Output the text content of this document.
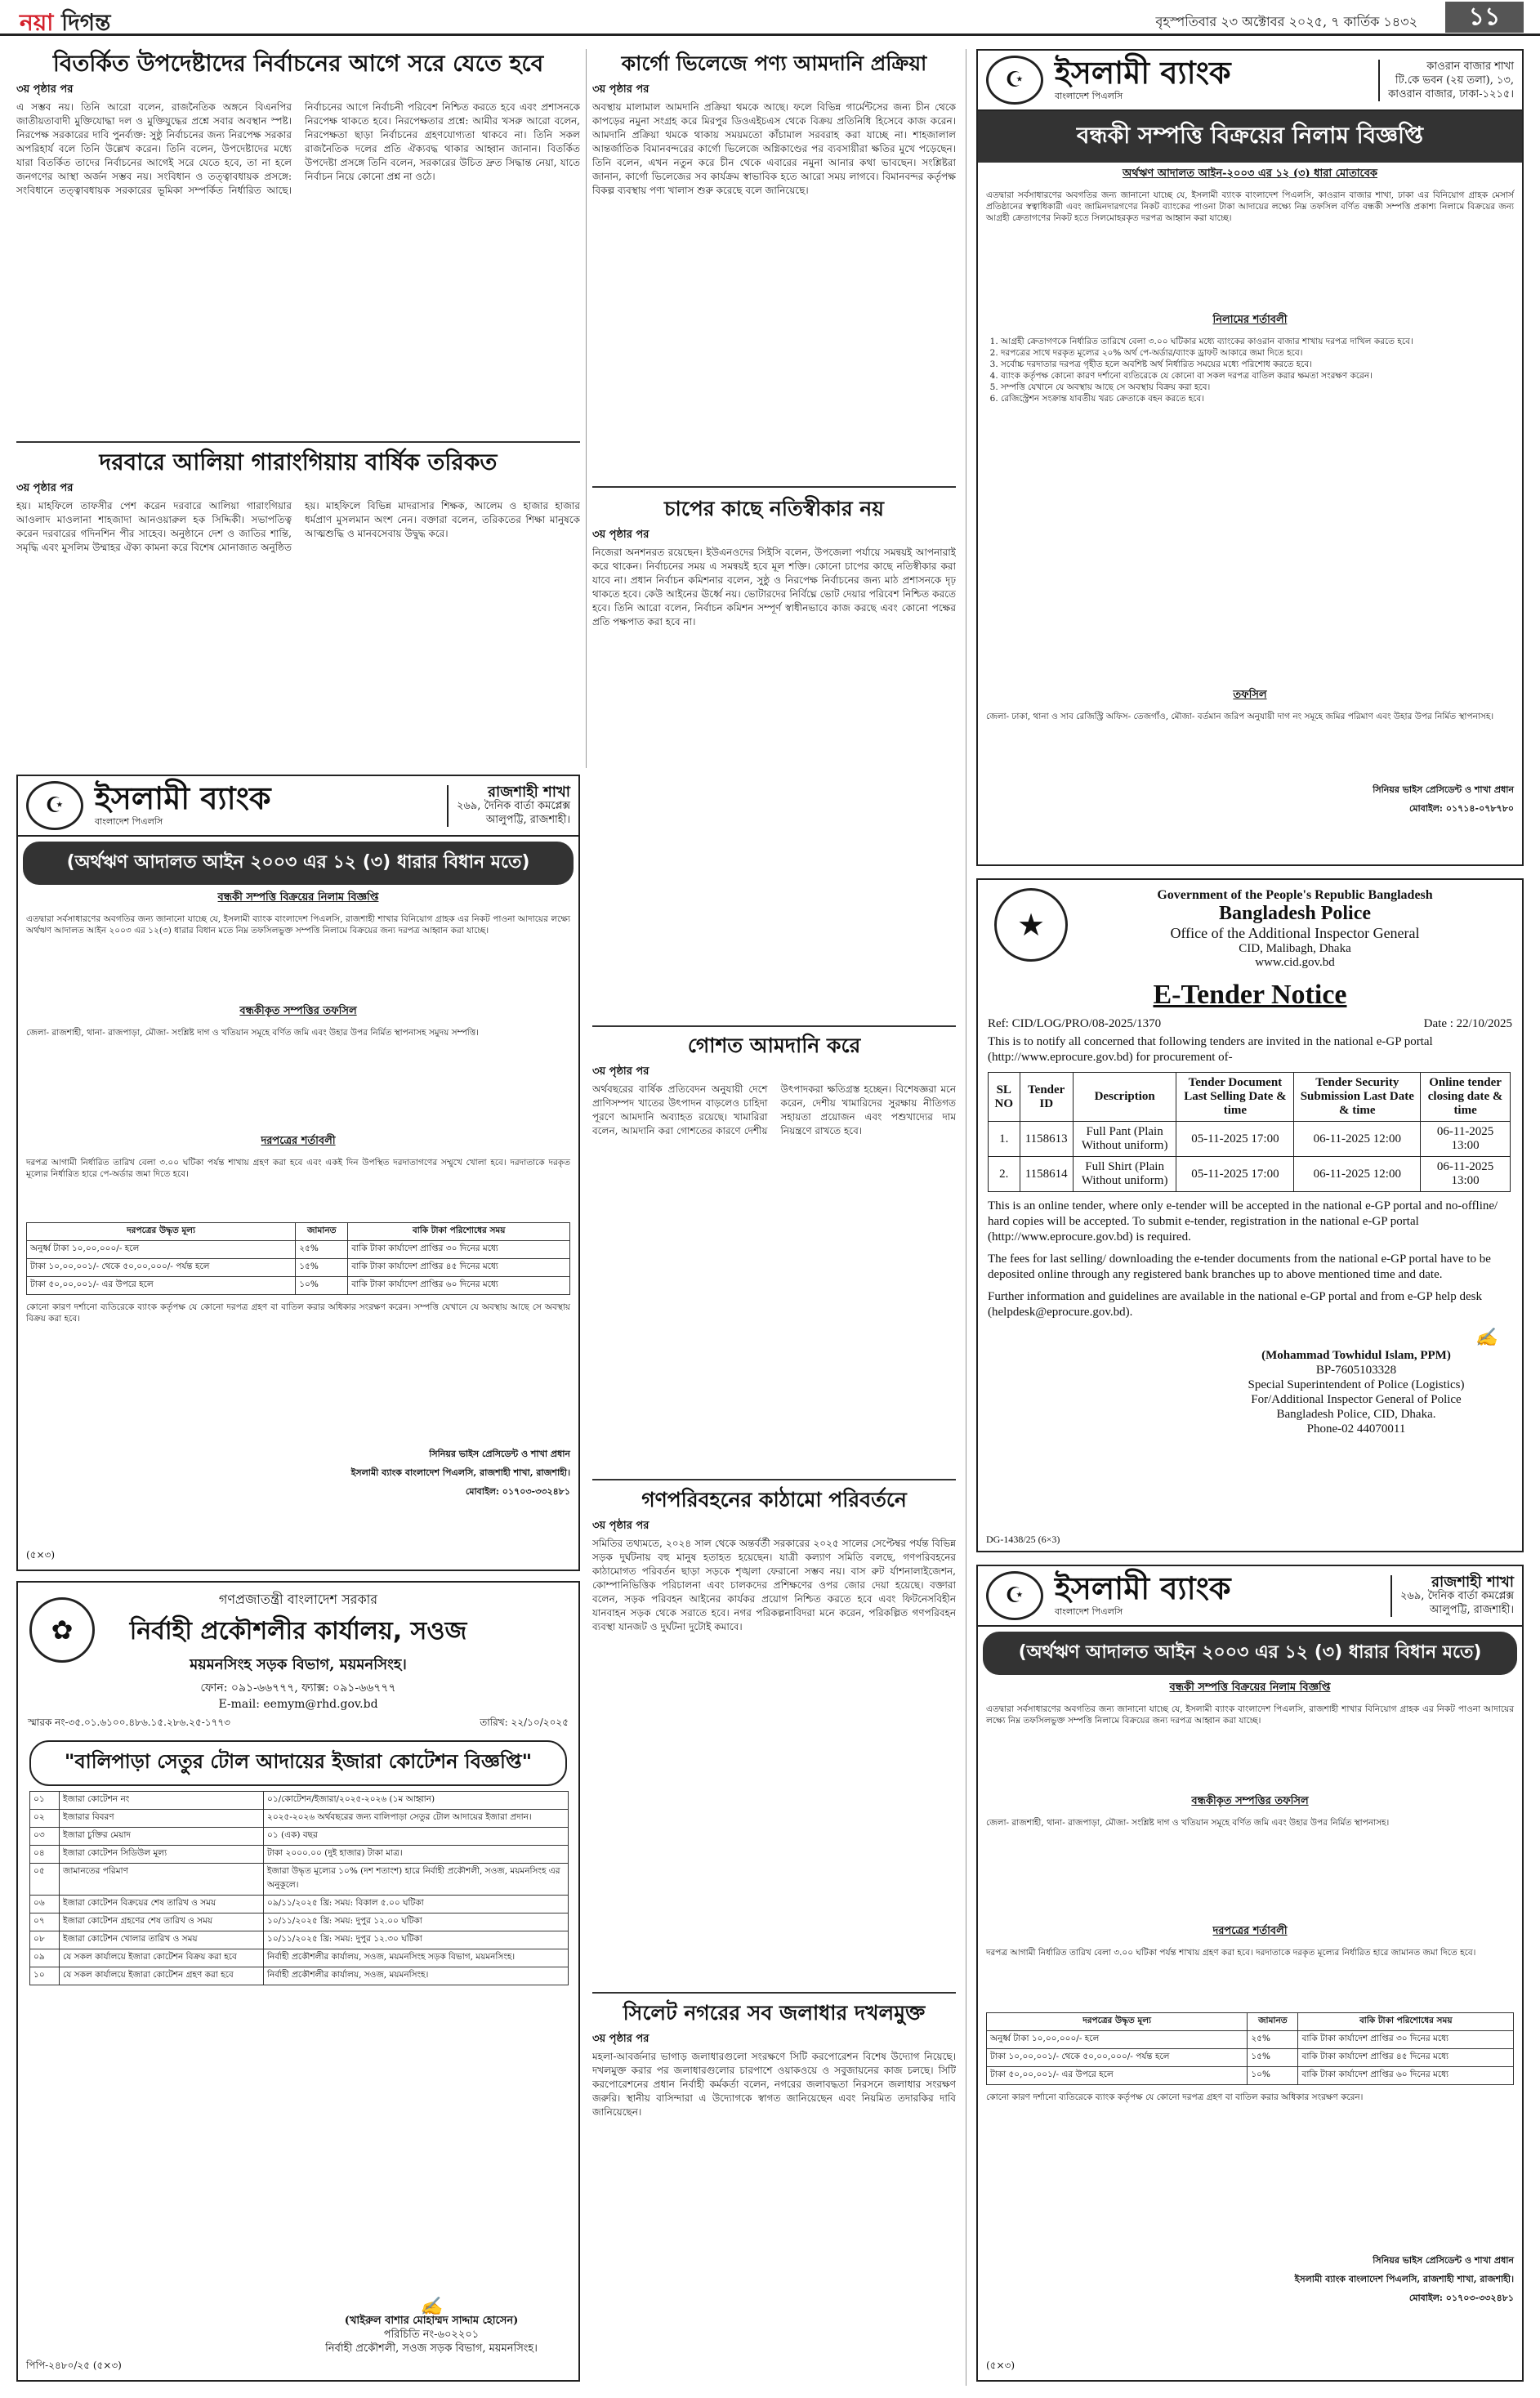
নয়া দিগন্ত	বৃহস্পতিবার ২৩ অক্টোবর ২০২৫, ৭ কার্তিক ১৪৩২	১১
বিতর্কিত উপদেষ্টাদের নির্বাচনের আগে সরে যেতে হবে
৩য় পৃষ্ঠার পর
এ সম্ভব নয়। তিনি আরো বলেন, রাজনৈতিক অঙ্গনে বিএনপির জাতীয়তাবাদী মুক্তিযোদ্ধা দল ও মুক্তিযুদ্ধের প্রশ্নে সবার অবস্থান স্পষ্ট। নিরপেক্ষ সরকারের দাবি পুনর্ব্যক্ত: সুষ্ঠু নির্বাচনের জন্য নিরপেক্ষ সরকার অপরিহার্য বলে তিনি উল্লেখ করেন। তিনি বলেন, উপদেষ্টাদের মধ্যে যারা বিতর্কিত তাদের নির্বাচনের আগেই সরে যেতে হবে, তা না হলে জনগণের আস্থা অর্জন সম্ভব নয়। সংবিধান ও তত্ত্বাবধায়ক প্রসঙ্গে: সংবিধানে তত্ত্বাবধায়ক সরকারের ভূমিকা সম্পর্কিত নির্ধারিত আছে। নির্বাচনের আগে নির্বাচনী পরিবেশ নিশ্চিত করতে হবে এবং প্রশাসনকে নিরপেক্ষ থাকতে হবে। নিরপেক্ষতার প্রশ্নে: আমীর খসরু আরো বলেন, নিরপেক্ষতা ছাড়া নির্বাচনের গ্রহণযোগ্যতা থাকবে না। তিনি সকল রাজনৈতিক দলের প্রতি ঐক্যবদ্ধ থাকার আহ্বান জানান। বিতর্কিত উপদেষ্টা প্রসঙ্গে তিনি বলেন, সরকারের উচিত দ্রুত সিদ্ধান্ত নেয়া, যাতে নির্বাচন নিয়ে কোনো প্রশ্ন না ওঠে।
কার্গো ভিলেজে পণ্য আমদানি প্রক্রিয়া
৩য় পৃষ্ঠার পর
অবস্থায় মালামাল আমদানি প্রক্রিয়া থমকে আছে। ফলে বিভিন্ন গার্মেন্টসের জন্য চীন থেকে কাপড়ের নমুনা সংগ্রহ করে মিরপুর ডিওএইচএস থেকে বিক্রয় প্রতিনিধি হিসেবে কাজ করেন। আমদানি প্রক্রিয়া থমকে থাকায় সময়মতো কাঁচামাল সরবরাহ করা যাচ্ছে না। শাহজালাল আন্তর্জাতিক বিমানবন্দরের কার্গো ভিলেজে অগ্নিকাণ্ডের পর ব্যবসায়ীরা ক্ষতির মুখে পড়েছেন। তিনি বলেন, এখন নতুন করে চীন থেকে এবারের নমুনা আনার কথা ভাবছেন। সংশ্লিষ্টরা জানান, কার্গো ভিলেজের সব কার্যক্রম স্বাভাবিক হতে আরো সময় লাগবে। বিমানবন্দর কর্তৃপক্ষ বিকল্প ব্যবস্থায় পণ্য খালাস শুরু করেছে বলে জানিয়েছে।
দরবারে আলিয়া গারাংগিয়ায় বার্ষিক তরিকত
৩য় পৃষ্ঠার পর
হয়। মাহফিলে তাফসীর পেশ করেন দরবারে আলিয়া গারাংগিয়ার আওলাদ মাওলানা শাহজাদা আনওয়ারুল হক সিদ্দিকী। সভাপতিত্ব করেন দরবারের গদিনশিন পীর সাহেব। অনুষ্ঠানে দেশ ও জাতির শান্তি, সমৃদ্ধি এবং মুসলিম উম্মাহর ঐক্য কামনা করে বিশেষ মোনাজাত অনুষ্ঠিত হয়। মাহফিলে বিভিন্ন মাদরাসার শিক্ষক, আলেম ও হাজার হাজার ধর্মপ্রাণ মুসলমান অংশ নেন। বক্তারা বলেন, তরিকতের শিক্ষা মানুষকে আত্মশুদ্ধি ও মানবসেবায় উদ্বুদ্ধ করে।
চাপের কাছে নতিস্বীকার নয়
৩য় পৃষ্ঠার পর
নিজেরা অনশনরত রয়েছেন। ইউএনওদের সিইসি বলেন, উপজেলা পর্যায়ে সমন্বয়ই আপনারাই করে থাকেন। নির্বাচনের সময় এ সমন্বয়ই হবে মূল শক্তি। কোনো চাপের কাছে নতিস্বীকার করা যাবে না। প্রধান নির্বাচন কমিশনার বলেন, সুষ্ঠু ও নিরপেক্ষ নির্বাচনের জন্য মাঠ প্রশাসনকে দৃঢ় থাকতে হবে। কেউ আইনের ঊর্ধ্বে নয়। ভোটারদের নির্বিঘ্নে ভোট দেয়ার পরিবেশ নিশ্চিত করতে হবে। তিনি আরো বলেন, নির্বাচন কমিশন সম্পূর্ণ স্বাধীনভাবে কাজ করছে এবং কোনো পক্ষের প্রতি পক্ষপাত করা হবে না।
গোশত আমদানি করে
৩য় পৃষ্ঠার পর
অর্থবছরের বার্ষিক প্রতিবেদন অনুযায়ী দেশে প্রাণিসম্পদ খাতের উৎপাদন বাড়লেও চাহিদা পূরণে আমদানি অব্যাহত রয়েছে। খামারিরা বলেন, আমদানি করা গোশতের কারণে দেশীয় উৎপাদকরা ক্ষতিগ্রস্ত হচ্ছেন। বিশেষজ্ঞরা মনে করেন, দেশীয় খামারিদের সুরক্ষায় নীতিগত সহায়তা প্রয়োজন এবং পশুখাদ্যের দাম নিয়ন্ত্রণে রাখতে হবে।
গণপরিবহনের কাঠামো পরিবর্তনে
৩য় পৃষ্ঠার পর
সমিতির তথ্যমতে, ২০২৪ সাল থেকে অন্তর্বর্তী সরকারের ২০২৫ সালের সেপ্টেম্বর পর্যন্ত বিভিন্ন সড়ক দুর্ঘটনায় বহু মানুষ হতাহত হয়েছেন। যাত্রী কল্যাণ সমিতি বলছে, গণপরিবহনের কাঠামোগত পরিবর্তন ছাড়া সড়কে শৃঙ্খলা ফেরানো সম্ভব নয়। বাস রুট র্যাশনালাইজেশন, কোম্পানিভিত্তিক পরিচালনা এবং চালকদের প্রশিক্ষণের ওপর জোর দেয়া হয়েছে। বক্তারা বলেন, সড়ক পরিবহন আইনের কার্যকর প্রয়োগ নিশ্চিত করতে হবে এবং ফিটনেসবিহীন যানবাহন সড়ক থেকে সরাতে হবে। নগর পরিকল্পনাবিদরা মনে করেন, পরিকল্পিত গণপরিবহন ব্যবস্থা যানজট ও দুর্ঘটনা দুটোই কমাবে।
সিলেট নগরের সব জলাধার দখলমুক্ত
৩য় পৃষ্ঠার পর
মহলা-আবর্জনার ভাগাড় জলাধারগুলো সংরক্ষণে সিটি করপোরেশন বিশেষ উদ্যোগ নিয়েছে। দখলমুক্ত করার পর জলাধারগুলোর চারপাশে ওয়াকওয়ে ও সবুজায়নের কাজ চলছে। সিটি করপোরেশনের প্রধান নির্বাহী কর্মকর্তা বলেন, নগরের জলাবদ্ধতা নিরসনে জলাধার সংরক্ষণ জরুরি। স্থানীয় বাসিন্দারা এ উদ্যোগকে স্বাগত জানিয়েছেন এবং নিয়মিত তদারকির দাবি জানিয়েছেন।
☪ ইসলামী ব্যাংক
বাংলাদেশ পিএলসি
কাওরান বাজার শাখা
টি.কে ভবন (২য় তলা), ১৩,
কাওরান বাজার, ঢাকা-১২১৫।
বন্ধকী সম্পত্তি বিক্রয়ের নিলাম বিজ্ঞপ্তি
অর্থঋণ আদালত আইন-২০০৩ এর ১২ (৩) ধারা মোতাবেক
এতদ্বারা সর্বসাধারণের অবগতির জন্য জানানো যাচ্ছে যে, ইসলামী ব্যাংক বাংলাদেশ পিএলসি, কাওরান বাজার শাখা, ঢাকা এর বিনিয়োগ গ্রাহক মেসার্স প্রতিষ্ঠানের স্বত্বাধিকারী এবং জামিনদারগণের নিকট ব্যাংকের পাওনা টাকা আদায়ের লক্ষ্যে নিম্ন তফসিল বর্ণিত বন্ধকী সম্পত্তি প্রকাশ্য নিলামে বিক্রয়ের জন্য আগ্রহী ক্রেতাগণের নিকট হতে সিলমোহরকৃত দরপত্র আহ্বান করা যাচ্ছে।
নিলামের শর্তাবলী
1. আগ্রহী ক্রেতাগণকে নির্ধারিত তারিখে বেলা ৩.০০ ঘটিকার মধ্যে ব্যাংকের কাওরান বাজার শাখায় দরপত্র দাখিল করতে হবে।
2. দরপত্রের সাথে দরকৃত মূল্যের ২০% অর্থ পে-অর্ডার/ব্যাংক ড্রাফট আকারে জমা দিতে হবে।
3. সর্বোচ্চ দরদাতার দরপত্র গৃহীত হলে অবশিষ্ট অর্থ নির্ধারিত সময়ের মধ্যে পরিশোধ করতে হবে।
4. ব্যাংক কর্তৃপক্ষ কোনো কারণ দর্শানো ব্যতিরেকে যে কোনো বা সকল দরপত্র বাতিল করার ক্ষমতা সংরক্ষণ করেন।
5. সম্পত্তি যেখানে যে অবস্থায় আছে সে অবস্থায় বিক্রয় করা হবে।
6. রেজিস্ট্রেশন সংক্রান্ত যাবতীয় খরচ ক্রেতাকে বহন করতে হবে।
তফসিল
জেলা- ঢাকা, থানা ও সাব রেজিস্ট্রি অফিস- তেজগাঁও, মৌজা- বর্তমান জরিপ অনুযায়ী দাগ নং সমূহে জমির পরিমাণ এবং উহার উপর নির্মিত স্থাপনাসহ।
সিনিয়র ভাইস প্রেসিডেন্ট ও শাখা প্রধান
মোবাইল: ০১৭১৪-০৭৮৭৮০
★
Government of the People's Republic Bangladesh
Bangladesh Police
Office of the Additional Inspector General
CID, Malibagh, Dhaka
www.cid.gov.bd
E-Tender Notice
Ref: CID/LOG/PRO/08-2025/1370	Date : 22/10/2025
This is to notify all concerned that following tenders are invited in the national e-GP portal (http://www.eprocure.gov.bd) for procurement of-
SL NO	Tender ID	Description	Tender Document Last Selling Date & time	Tender Security Submission Last Date & time	Online tender closing date & time
1.	1158613	Full Pant (Plain Without uniform)	05-11-2025 17:00	06-11-2025 12:00	06-11-2025 13:00
2.	1158614	Full Shirt (Plain Without uniform)	05-11-2025 17:00	06-11-2025 12:00	06-11-2025 13:00
This is an online tender, where only e-tender will be accepted in the national e-GP portal and no-offline/ hard copies will be accepted. To submit e-tender, registration in the national e-GP portal (http://www.eprocure.gov.bd) is required.
The fees for last selling/ downloading the e-tender documents from the national e-GP portal have to be deposited online through any registered bank branches up to above mentioned time and date.
Further information and guidelines are available in the national e-GP portal and from e-GP help desk (helpdesk@eprocure.gov.bd).
✍
(Mohammad Towhidul Islam, PPM)
BP-7605103328
Special Superintendent of Police (Logistics)
For/Additional Inspector General of Police
Bangladesh Police, CID, Dhaka.
Phone-02 44070011
DG-1438/25 (6×3)
☪ ইসলামী ব্যাংক
বাংলাদেশ পিএলসি
রাজশাহী শাখা
২৬৯, দৈনিক বার্তা কমপ্লেক্স
আলুপট্টি, রাজশাহী।
(অর্থঋণ আদালত আইন ২০০৩ এর ১২ (৩) ধারার বিধান মতে)
বন্ধকী সম্পত্তি বিক্রয়ের নিলাম বিজ্ঞপ্তি
এতদ্বারা সর্বসাধারণের অবগতির জন্য জানানো যাচ্ছে যে, ইসলামী ব্যাংক বাংলাদেশ পিএলসি, রাজশাহী শাখার বিনিয়োগ গ্রাহক এর নিকট পাওনা আদায়ের লক্ষ্যে অর্থঋণ আদালত আইন ২০০৩ এর ১২(৩) ধারার বিধান মতে নিম্ন তফসিলভুক্ত সম্পত্তি নিলামে বিক্রয়ের জন্য দরপত্র আহ্বান করা যাচ্ছে।
বন্ধকীকৃত সম্পত্তির তফসিল
জেলা- রাজশাহী, থানা- রাজপাড়া, মৌজা- সংশ্লিষ্ট দাগ ও খতিয়ান সমূহে বর্ণিত জমি এবং উহার উপর নির্মিত স্থাপনাসহ সমুদয় সম্পত্তি।
দরপত্রের শর্তাবলী
দরপত্র আগামী নির্ধারিত তারিখ বেলা ৩.০০ ঘটিকা পর্যন্ত শাখায় গ্রহণ করা হবে এবং একই দিন উপস্থিত দরদাতাগণের সম্মুখে খোলা হবে। দরদাতাকে দরকৃত মূল্যের নির্ধারিত হারে পে-অর্ডার জমা দিতে হবে।
দরপত্রের উদ্ধৃত মূল্য	জামানত	বাকি টাকা পরিশোধের সময়
অনুর্ধ্ব টাকা ১০,০০,০০০/- হলে	২৫%	বাকি টাকা কার্যাদেশ প্রাপ্তির ৩০ দিনের মধ্যে
টাকা ১০,০০,০০১/- থেকে ৫০,০০,০০০/- পর্যন্ত হলে	১৫%	বাকি টাকা কার্যাদেশ প্রাপ্তির ৪৫ দিনের মধ্যে
টাকা ৫০,০০,০০১/- এর উপরে হলে	১০%	বাকি টাকা কার্যাদেশ প্রাপ্তির ৬০ দিনের মধ্যে
কোনো কারণ দর্শানো ব্যতিরেকে ব্যাংক কর্তৃপক্ষ যে কোনো দরপত্র গ্রহণ বা বাতিল করার অধিকার সংরক্ষণ করেন। সম্পত্তি যেখানে যে অবস্থায় আছে সে অবস্থায় বিক্রয় করা হবে।
সিনিয়র ভাইস প্রেসিডেন্ট ও শাখা প্রধান
ইসলামী ব্যাংক বাংলাদেশ পিএলসি, রাজশাহী শাখা, রাজশাহী।
মোবাইল: ০১৭০৩-৩৩২৪৮১
(৫×৩)
☪ ইসলামী ব্যাংক
বাংলাদেশ পিএলসি
রাজশাহী শাখা
২৬৯, দৈনিক বার্তা কমপ্লেক্স
আলুপট্টি, রাজশাহী।
(অর্থঋণ আদালত আইন ২০০৩ এর ১২ (৩) ধারার বিধান মতে)
বন্ধকী সম্পত্তি বিক্রয়ের নিলাম বিজ্ঞপ্তি
এতদ্বারা সর্বসাধারণের অবগতির জন্য জানানো যাচ্ছে যে, ইসলামী ব্যাংক বাংলাদেশ পিএলসি, রাজশাহী শাখার বিনিয়োগ গ্রাহক এর নিকট পাওনা আদায়ের লক্ষ্যে নিম্ন তফসিলভুক্ত সম্পত্তি নিলামে বিক্রয়ের জন্য দরপত্র আহ্বান করা যাচ্ছে।
বন্ধকীকৃত সম্পত্তির তফসিল
জেলা- রাজশাহী, থানা- রাজপাড়া, মৌজা- সংশ্লিষ্ট দাগ ও খতিয়ান সমূহে বর্ণিত জমি এবং উহার উপর নির্মিত স্থাপনাসহ।
দরপত্রের শর্তাবলী
দরপত্র আগামী নির্ধারিত তারিখ বেলা ৩.০০ ঘটিকা পর্যন্ত শাখায় গ্রহণ করা হবে। দরদাতাকে দরকৃত মূল্যের নির্ধারিত হারে জামানত জমা দিতে হবে।
দরপত্রের উদ্ধৃত মূল্য	জামানত	বাকি টাকা পরিশোধের সময়
অনুর্ধ্ব টাকা ১০,০০,০০০/- হলে	২৫%	বাকি টাকা কার্যাদেশ প্রাপ্তির ৩০ দিনের মধ্যে
টাকা ১০,০০,০০১/- থেকে ৫০,০০,০০০/- পর্যন্ত হলে	১৫%	বাকি টাকা কার্যাদেশ প্রাপ্তির ৪৫ দিনের মধ্যে
টাকা ৫০,০০,০০১/- এর উপরে হলে	১০%	বাকি টাকা কার্যাদেশ প্রাপ্তির ৬০ দিনের মধ্যে
কোনো কারণ দর্শানো ব্যতিরেকে ব্যাংক কর্তৃপক্ষ যে কোনো দরপত্র গ্রহণ বা বাতিল করার অধিকার সংরক্ষণ করেন।
সিনিয়র ভাইস প্রেসিডেন্ট ও শাখা প্রধান
ইসলামী ব্যাংক বাংলাদেশ পিএলসি, রাজশাহী শাখা, রাজশাহী।
মোবাইল: ০১৭০৩-৩৩২৪৮১
(৫×৩)
গণপ্রজাতন্ত্রী বাংলাদেশ সরকার
নির্বাহী প্রকৌশলীর কার্যালয়, সওজ
ময়মনসিংহ সড়ক বিভাগ, ময়মনসিংহ।
ফোন: ০৯১-৬৬৭৭৭, ফ্যাক্স: ০৯১-৬৬৭৭৭
E-mail: eemym@rhd.gov.bd
✿
স্মারক নং-৩৫.০১.৬১০০.৪৮৬.১৫.২৮৬.২৫-১৭৭৩	তারিখ: ২২/১০/২০২৫
"বালিপাড়া সেতুর টোল আদায়ের ইজারা কোটেশন বিজ্ঞপ্তি"
০১	ইজারা কোটেশন নং	০১/কোটেশন/ইজারা/২০২৫-২০২৬ (১ম আহ্বান)
০২	ইজারার বিবরণ	২০২৫-২০২৬ অর্থবছরের জন্য বালিপাড়া সেতুর টোল আদায়ের ইজারা প্রদান।
০৩	ইজারা চুক্তির মেয়াদ	০১ (এক) বছর
০৪	ইজারা কোটেশন সিডিউল মূল্য	টাকা ২০০০.০০ (দুই হাজার) টাকা মাত্র।
০৫	জামানতের পরিমাণ	ইজারা উদ্ধৃত মূল্যের ১০% (দশ শতাংশ) হারে নির্বাহী প্রকৌশলী, সওজ, ময়মনসিংহ এর অনুকূলে।
০৬	ইজারা কোটেশন বিক্রয়ের শেষ তারিখ ও সময়	০৯/১১/২০২৫ খ্রি: সময়: বিকাল ৫.০০ ঘটিকা
০৭	ইজারা কোটেশন গ্রহণের শেষ তারিখ ও সময়	১০/১১/২০২৫ খ্রি: সময়: দুপুর ১২.০০ ঘটিকা
০৮	ইজারা কোটেশন খোলার তারিখ ও সময়	১০/১১/২০২৫ খ্রি: সময়: দুপুর ১২.৩০ ঘটিকা
০৯	যে সকল কার্যালয়ে ইজারা কোটেশন বিক্রয় করা হবে	নির্বাহী প্রকৌশলীর কার্যালয়, সওজ, ময়মনসিংহ সড়ক বিভাগ, ময়মনসিংহ।
১০	যে সকল কার্যালয়ে ইজারা কোটেশন গ্রহণ করা হবে	নির্বাহী প্রকৌশলীর কার্যালয়, সওজ, ময়মনসিংহ।
✍
(খাইরুল বাশার মোহাম্মদ সাদ্দাম হোসেন)
পরিচিতি নং-৬০২২০১
নির্বাহী প্রকৌশলী, সওজ সড়ক বিভাগ, ময়মনসিংহ।
পিপি-২৪৮০/২৫ (৫×৩)
